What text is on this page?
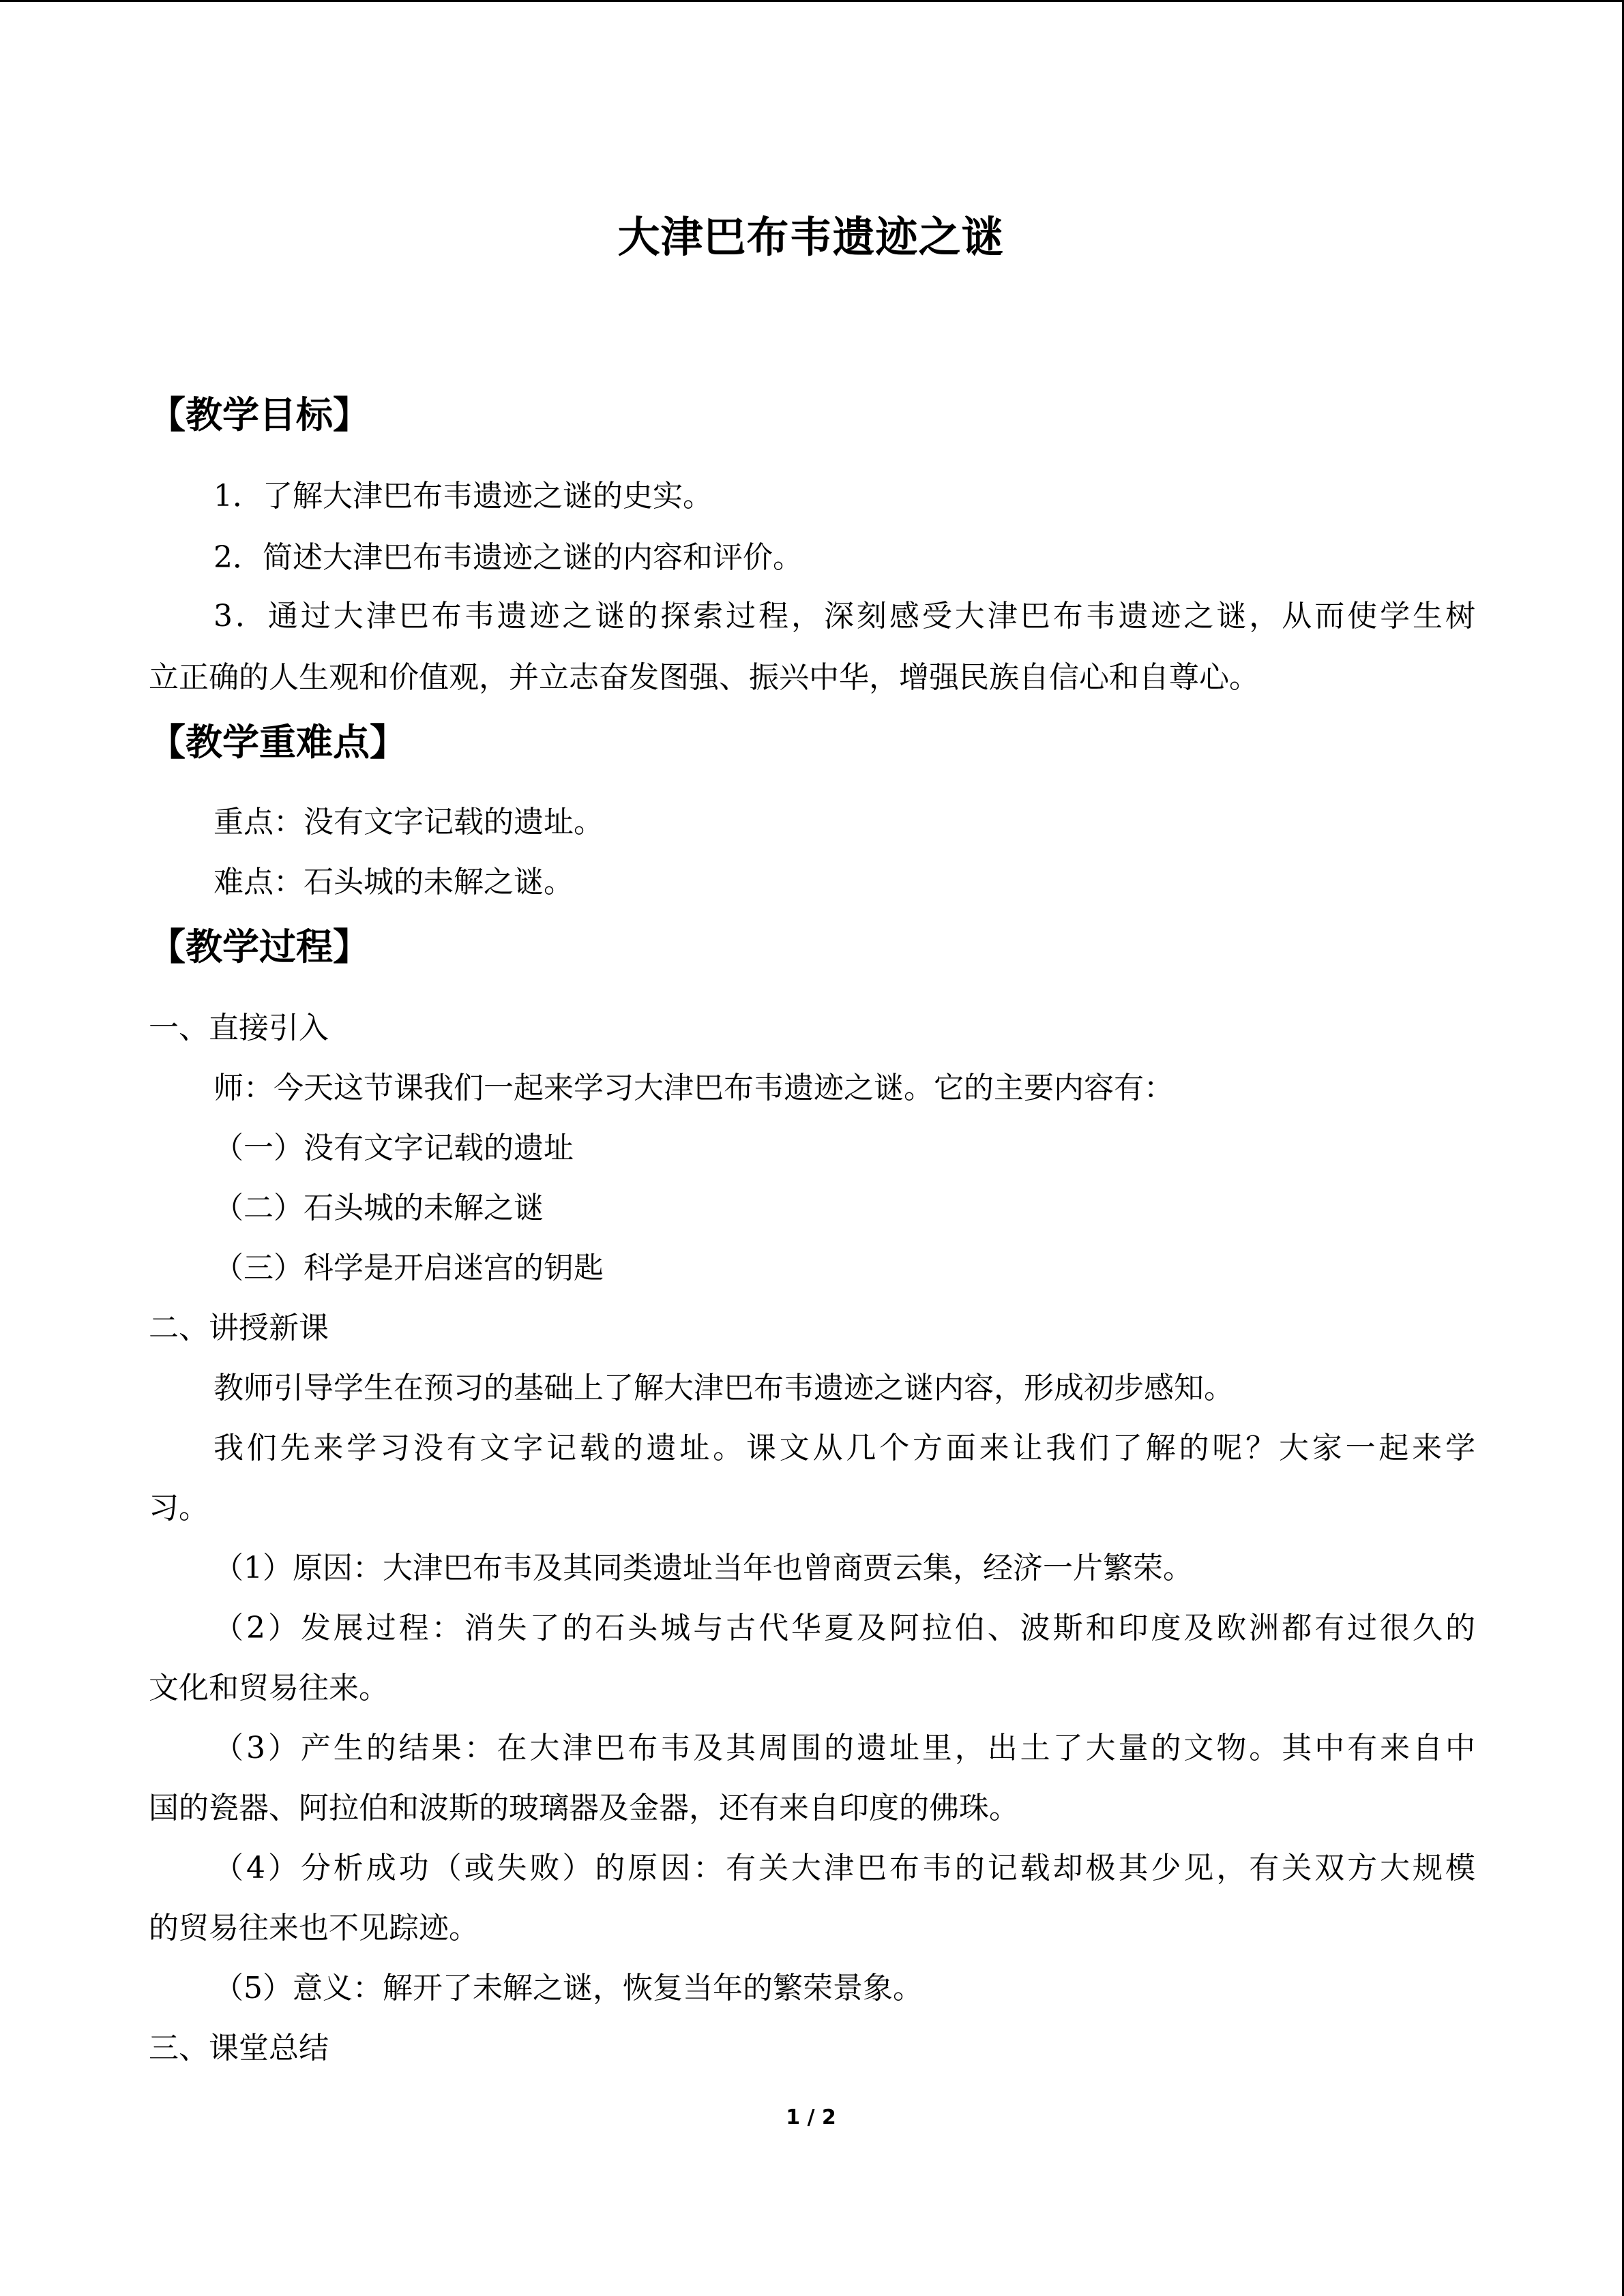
大津巴布韦遗迹之谜
【教学目标】
1．了解大津巴布韦遗迹之谜的史实。
2．简述大津巴布韦遗迹之谜的内容和评价。
3．通过大津巴布韦遗迹之谜的探索过程，深刻感受大津巴布韦遗迹之谜，从而使学生树
立正确的人生观和价值观，并立志奋发图强、振兴中华，增强民族自信心和自尊心。
【教学重难点】
重点：没有文字记载的遗址。
难点：石头城的未解之谜。
【教学过程】
一、直接引入
师：今天这节课我们一起来学习大津巴布韦遗迹之谜。它的主要内容有：
（一）没有文字记载的遗址
（二）石头城的未解之谜
（三）科学是开启迷宫的钥匙
二、讲授新课
教师引导学生在预习的基础上了解大津巴布韦遗迹之谜内容，形成初步感知。
我们先来学习没有文字记载的遗址。课文从几个方面来让我们了解的呢？大家一起来学
习。
（1）原因：大津巴布韦及其同类遗址当年也曾商贾云集，经济一片繁荣。
（2）发展过程：消失了的石头城与古代华夏及阿拉伯、波斯和印度及欧洲都有过很久的
文化和贸易往来。
（3）产生的结果：在大津巴布韦及其周围的遗址里，出土了大量的文物。其中有来自中
国的瓷器、阿拉伯和波斯的玻璃器及金器，还有来自印度的佛珠。
（4）分析成功（或失败）的原因：有关大津巴布韦的记载却极其少见，有关双方大规模
的贸易往来也不见踪迹。
（5）意义：解开了未解之谜，恢复当年的繁荣景象。
三、课堂总结
1 / 2
